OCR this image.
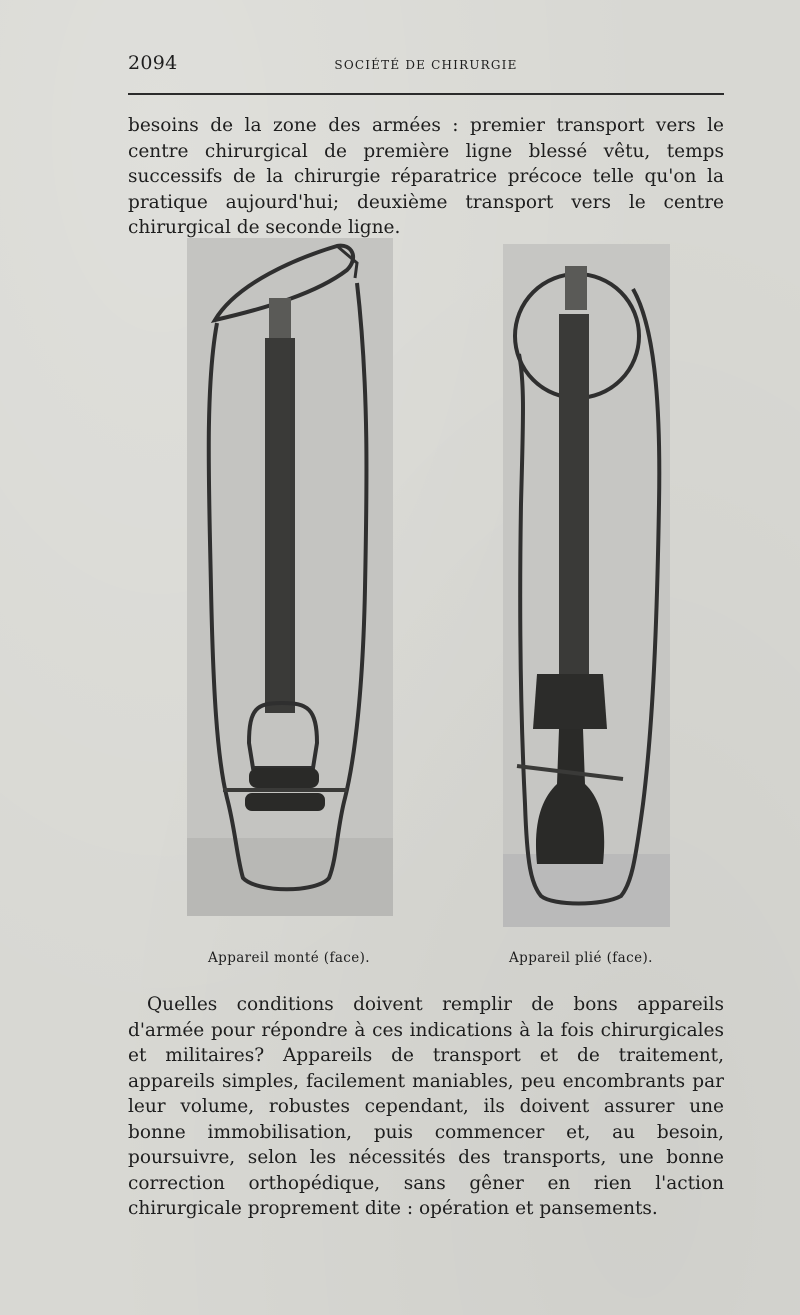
2094	SOCIÉTÉ DE CHIRURGIE

besoins de la zone des armées : premier transport vers le centre chirurgical de première ligne blessé vêtu, temps successifs de la chirurgie réparatrice précoce telle qu'on la pratique aujourd'hui; deuxième transport vers le centre chirurgical de seconde ligne.

Appareil monté (face).	Appareil plié (face).

Quelles conditions doivent remplir de bons appareils d'armée pour répondre à ces indications à la fois chirurgicales et militaires? Appareils de transport et de traitement, appareils simples, facilement maniables, peu encombrants par leur volume, robustes cependant, ils doivent assurer une bonne immobilisation, puis commencer et, au besoin, poursuivre, selon les nécessités des transports, une bonne correction orthopédique, sans gêner en rien l'action chirurgicale proprement dite : opération et pansements.
